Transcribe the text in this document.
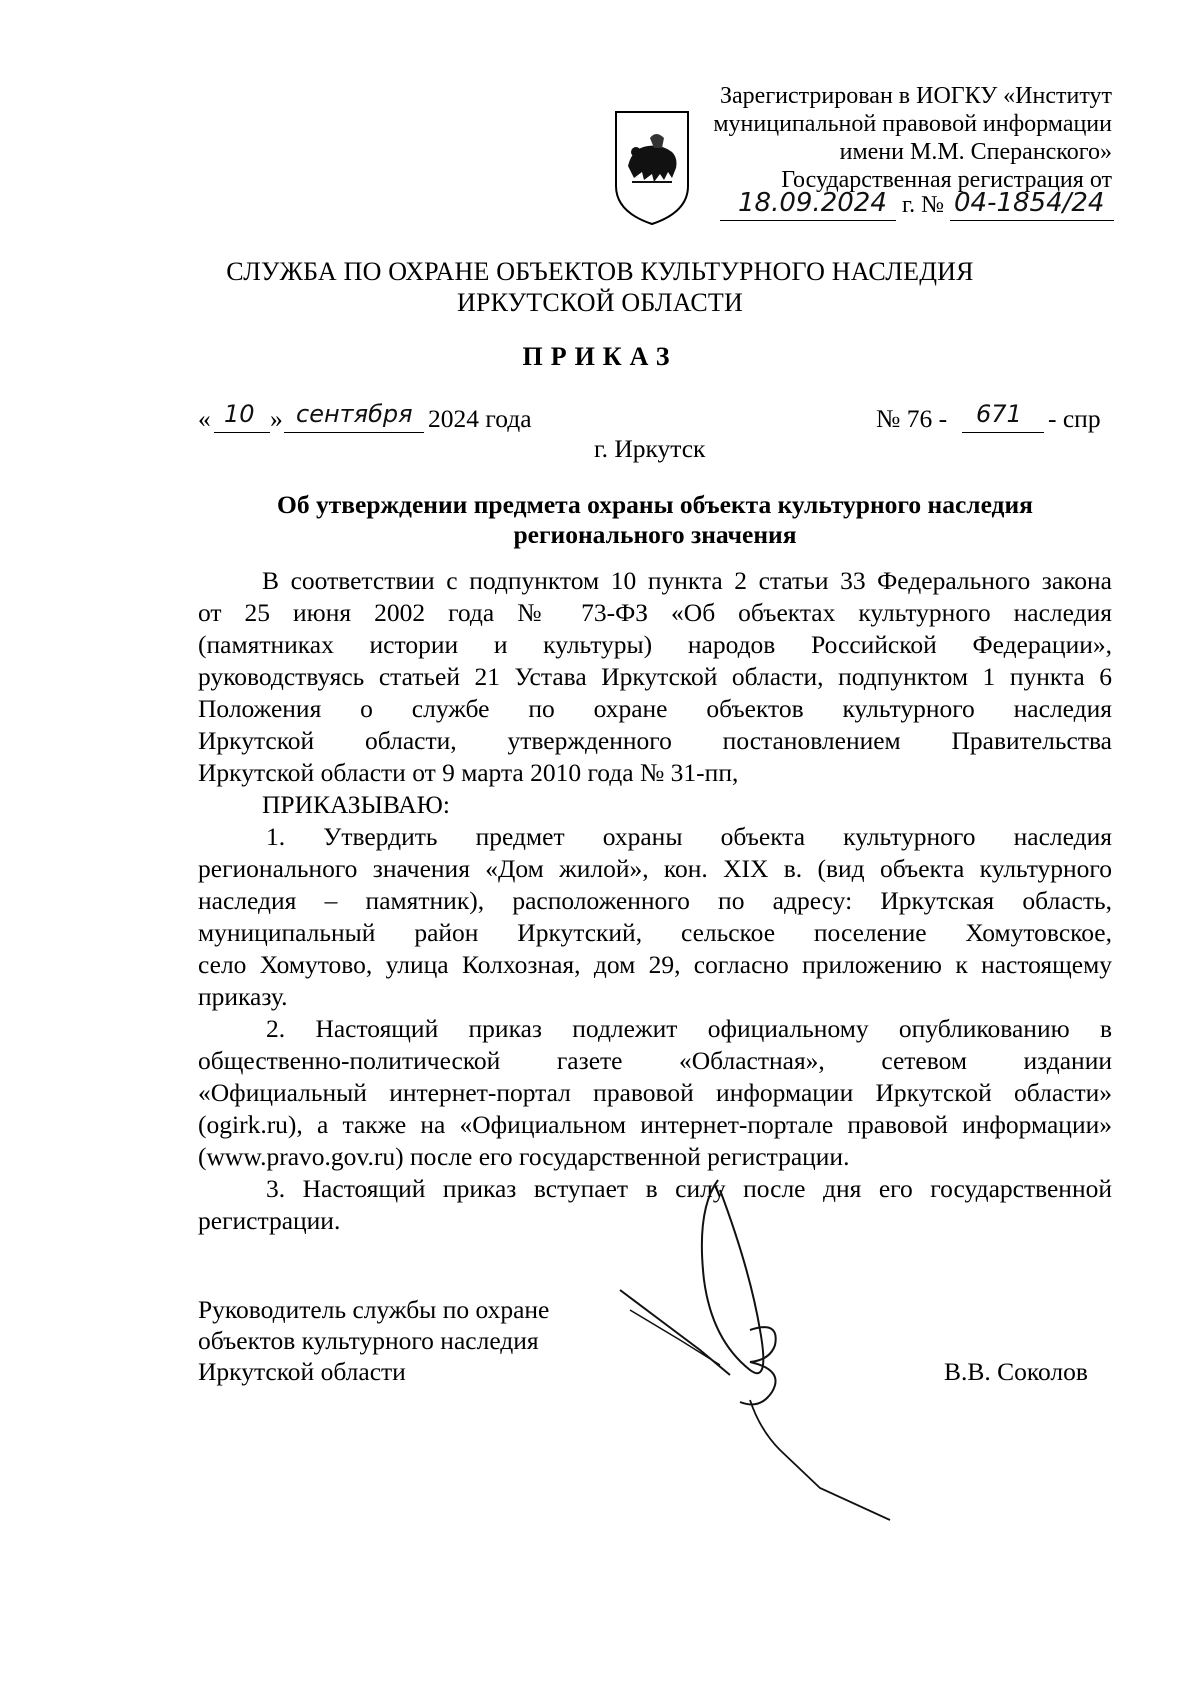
Зарегистрирован в ИОГКУ «Институт
муниципальной правовой информации
имени М.М. Сперанского»
Государственная регистрация от
18.09.2024 г. № 04-1854/24
СЛУЖБА ПО ОХРАНЕ ОБЪЕКТОВ КУЛЬТУРНОГО НАСЛЕДИЯ
ИРКУТСКОЙ ОБЛАСТИ
ПРИКАЗ
« 10 » сентября 2024 года	№ 76 - 671 - спр
г. Иркутск
Об утверждении предмета охраны объекта культурного наследия
регионального значения
В соответствии с подпунктом 10 пункта 2 статьи 33 Федерального закона
от 25 июня 2002 года № 73-ФЗ «Об объектах культурного наследия
(памятниках истории и культуры) народов Российской Федерации»,
руководствуясь статьей 21 Устава Иркутской области, подпунктом 1 пункта 6
Положения о службе по охране объектов культурного наследия
Иркутской области, утвержденного постановлением Правительства
Иркутской области от 9 марта 2010 года № 31-пп,
ПРИКАЗЫВАЮ:
1. Утвердить предмет охраны объекта культурного наследия
регионального значения «Дом жилой», кон. XIX в. (вид объекта культурного
наследия – памятник), расположенного по адресу: Иркутская область,
муниципальный район Иркутский, сельское поселение Хомутовское,
село Хомутово, улица Колхозная, дом 29, согласно приложению к настоящему
приказу.
2. Настоящий приказ подлежит официальному опубликованию в
общественно-политической газете «Областная», сетевом издании
«Официальный интернет-портал правовой информации Иркутской области»
(ogirk.ru), а также на «Официальном интернет-портале правовой информации»
(www.pravo.gov.ru) после его государственной регистрации.
3. Настоящий приказ вступает в силу после дня его государственной
регистрации.
Руководитель службы по охране
объектов культурного наследия
Иркутской области	В.В. Соколов
